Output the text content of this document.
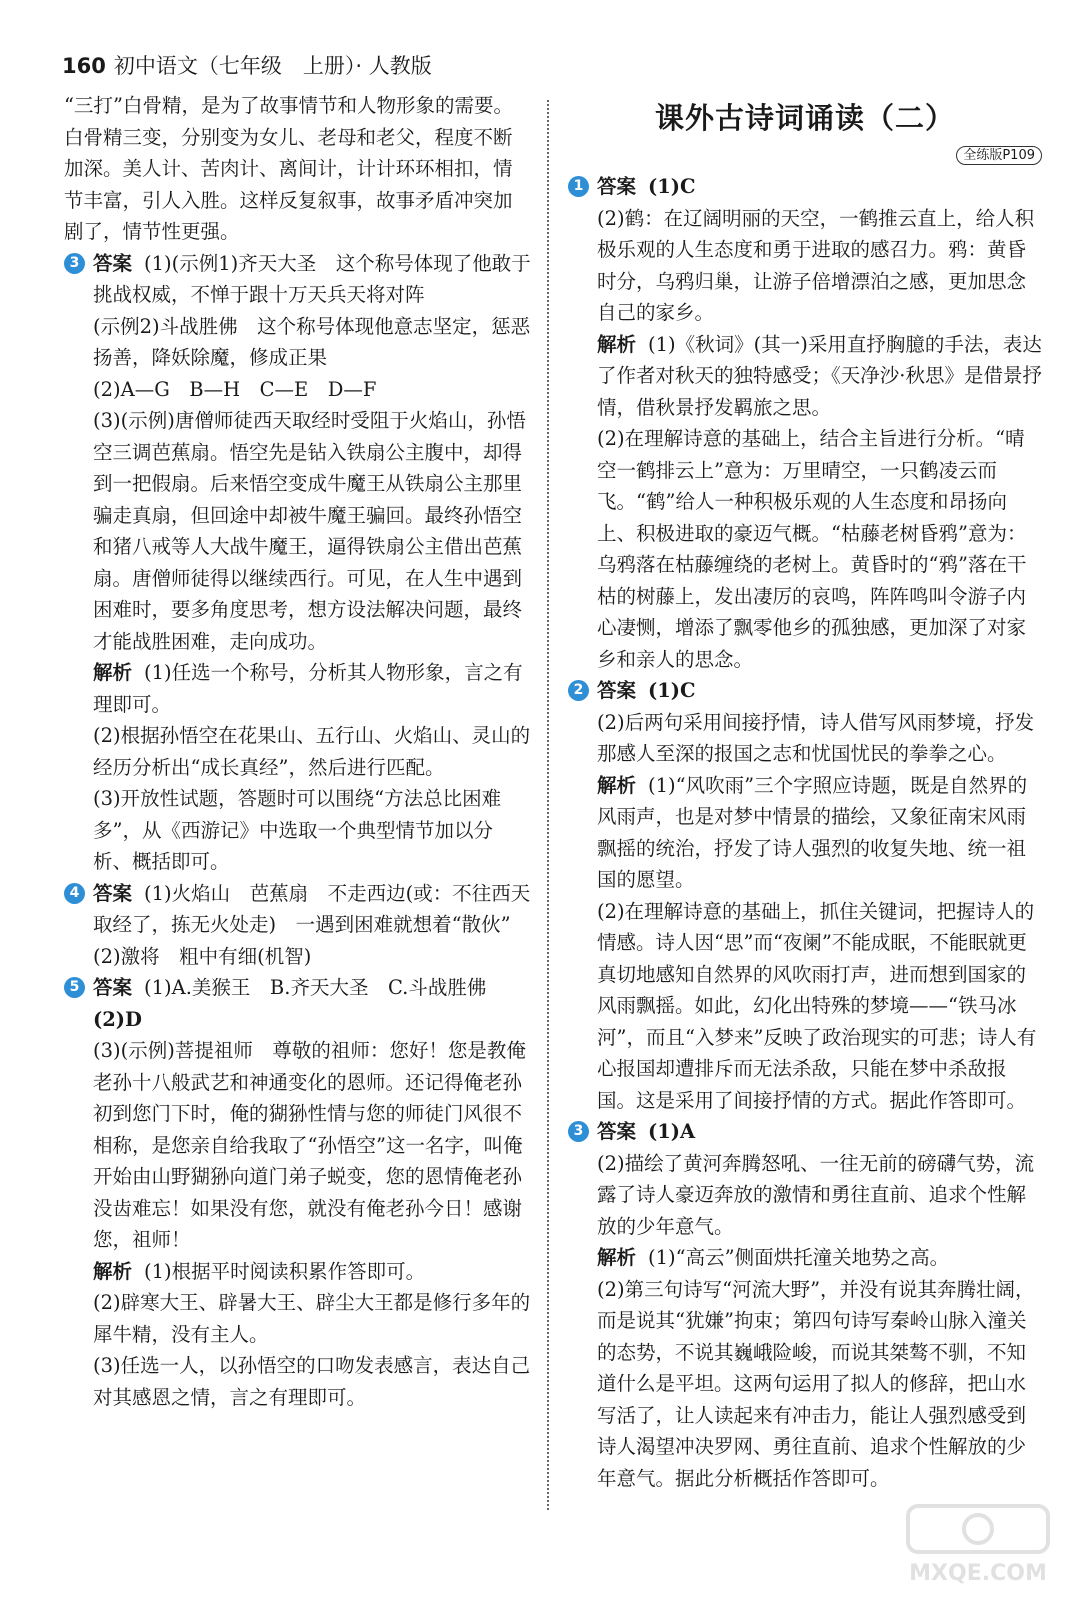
160 初中语文（七年级　上册）· 人教版

“三打”白骨精，是为了故事情节和人物形象的需要。白骨精三变，分别变为女儿、老母和老父，程度不断加深。美人计、苦肉计、离间计，计计环环相扣，情节丰富，引人入胜。这样反复叙事，故事矛盾冲突加剧了，情节性更强。

3 答案 (1)(示例1)齐天大圣　这个称号体现了他敢于挑战权威，不惮于跟十万天兵天将对阵

(示例2)斗战胜佛　这个称号体现他意志坚定，惩恶扬善，降妖除魔，修成正果

(2)A—G　B—H　C—E　D—F

(3)(示例)唐僧师徒西天取经时受阻于火焰山，孙悟空三调芭蕉扇。悟空先是钻入铁扇公主腹中，却得到一把假扇。后来悟空变成牛魔王从铁扇公主那里骗走真扇，但回途中却被牛魔王骗回。最终孙悟空和猪八戒等人大战牛魔王，逼得铁扇公主借出芭蕉扇。唐僧师徒得以继续西行。可见，在人生中遇到困难时，要多角度思考，想方设法解决问题，最终才能战胜困难，走向成功。

解析 (1)任选一个称号，分析其人物形象，言之有理即可。

(2)根据孙悟空在花果山、五行山、火焰山、灵山的经历分析出“成长真经”，然后进行匹配。

(3)开放性试题，答题时可以围绕“方法总比困难多”，从《西游记》中选取一个典型情节加以分析、概括即可。

4 答案 (1)火焰山　芭蕉扇　不走西边(或：不往西天取经了，拣无火处走)　一遇到困难就想着“散伙”

(2)激将　粗中有细(机智)

5 答案 (1)A.美猴王　B.齐天大圣　C.斗战胜佛

(2)D

(3)(示例)菩提祖师　尊敬的祖师：您好！您是教俺老孙十八般武艺和神通变化的恩师。还记得俺老孙初到您门下时，俺的猢狲性情与您的师徒门风很不相称，是您亲自给我取了“孙悟空”这一名字，叫俺开始由山野猢狲向道门弟子蜕变，您的恩情俺老孙没齿难忘！如果没有您，就没有俺老孙今日！感谢您，祖师！

解析 (1)根据平时阅读积累作答即可。

(2)辟寒大王、辟暑大王、辟尘大王都是修行多年的犀牛精，没有主人。

(3)任选一人，以孙悟空的口吻发表感言，表达自己对其感恩之情，言之有理即可。

课外古诗词诵读（二）

全练版P109
1 答案 (1)C

(2)鹤：在辽阔明丽的天空，一鹤推云直上，给人积极乐观的人生态度和勇于进取的感召力。鸦：黄昏时分，乌鸦归巢，让游子倍增漂泊之感，更加思念自己的家乡。

解析 (1)《秋词》(其一)采用直抒胸臆的手法，表达了作者对秋天的独特感受；《天净沙·秋思》是借景抒情，借秋景抒发羁旅之思。

(2)在理解诗意的基础上，结合主旨进行分析。“晴空一鹤排云上”意为：万里晴空，一只鹤凌云而飞。“鹤”给人一种积极乐观的人生态度和昂扬向上、积极进取的豪迈气概。“枯藤老树昏鸦”意为：乌鸦落在枯藤缠绕的老树上。黄昏时的“鸦”落在干枯的树藤上，发出凄厉的哀鸣，阵阵鸣叫令游子内心凄恻，增添了飘零他乡的孤独感，更加深了对家乡和亲人的思念。

2 答案 (1)C

(2)后两句采用间接抒情，诗人借写风雨梦境，抒发那感人至深的报国之志和忧国忧民的拳拳之心。

解析 (1)“风吹雨”三个字照应诗题，既是自然界的风雨声，也是对梦中情景的描绘，又象征南宋风雨飘摇的统治，抒发了诗人强烈的收复失地、统一祖国的愿望。

(2)在理解诗意的基础上，抓住关键词，把握诗人的情感。诗人因“思”而“夜阑”不能成眠，不能眠就更真切地感知自然界的风吹雨打声，进而想到国家的风雨飘摇。如此，幻化出特殊的梦境——“铁马冰河”，而且“入梦来”反映了政治现实的可悲；诗人有心报国却遭排斥而无法杀敌，只能在梦中杀敌报国。这是采用了间接抒情的方式。据此作答即可。

3 答案 (1)A

(2)描绘了黄河奔腾怒吼、一往无前的磅礴气势，流露了诗人豪迈奔放的激情和勇往直前、追求个性解放的少年意气。

解析 (1)“高云”侧面烘托潼关地势之高。

(2)第三句诗写“河流大野”，并没有说其奔腾壮阔，而是说其“犹嫌”拘束；第四句诗写秦岭山脉入潼关的态势，不说其巍峨险峻，而说其桀骜不驯，不知道什么是平坦。这两句运用了拟人的修辞，把山水写活了，让人读起来有冲击力，能让人强烈感受到诗人渴望冲决罗网、勇往直前、追求个性解放的少年意气。据此分析概括作答即可。

MXQE.COM
